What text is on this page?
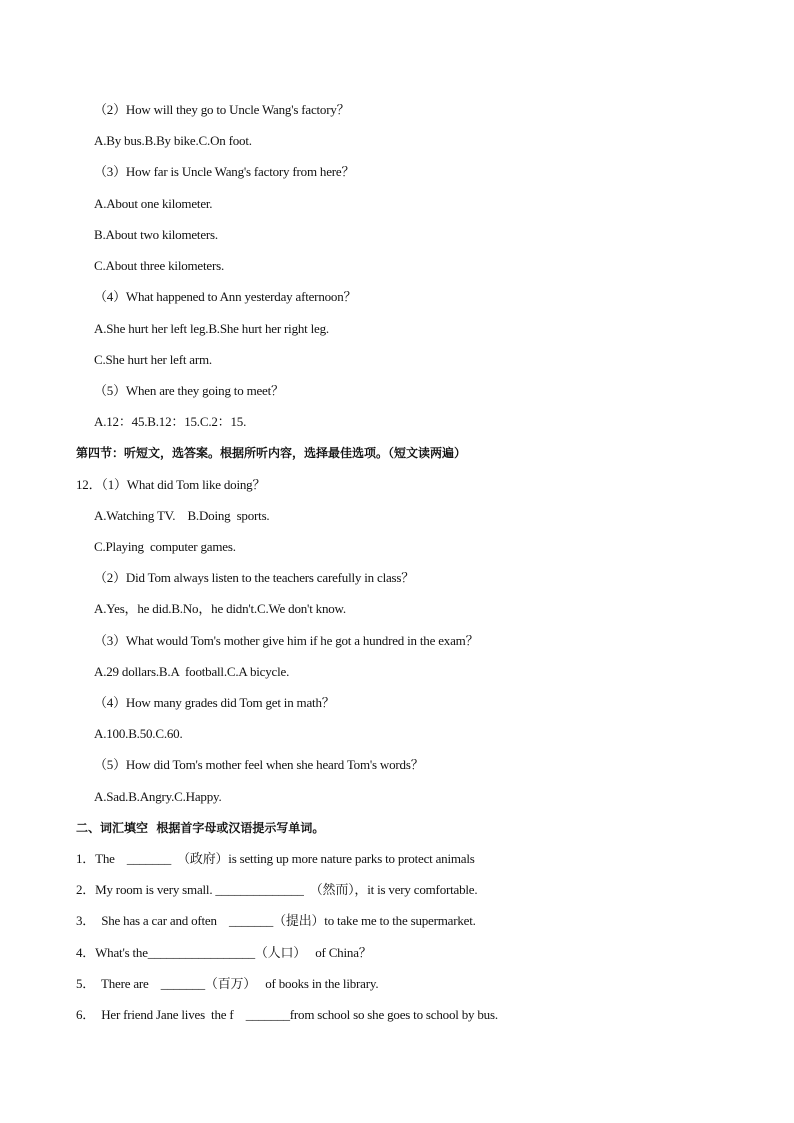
（2）How will they go to Uncle Wang's factory？
A.By bus.B.By bike.C.On foot.
（3）How far is Uncle Wang's factory from here？
A.About one kilometer.
B.About two kilometers.
C.About three kilometers.
（4）What happened to Ann yesterday afternoon？
A.She hurt her left leg.B.She hurt her right leg.
C.She hurt her left arm.
（5）When are they going to meet？
A.12：45.B.12：15.C.2：15.
第四节：听短文，选答案。根据所听内容，选择最佳选项。（短文读两遍）
12．（1）What did Tom like doing？
A.Watching TV.    B.Doing  sports.
C.Playing  computer games.
（2）Did Tom always listen to the teachers carefully in class？
A.Yes，he did.B.No，he didn't.C.We don't know.
（3）What would Tom's mother give him if he got a hundred in the exam？
A.29 dollars.B.A  football.C.A bicycle.
（4）How many grades did Tom get in math？
A.100.B.50.C.60.
（5）How did Tom's mother feel when she heard Tom's words？
A.Sad.B.Angry.C.Happy.
二、词汇填空  根据首字母或汉语提示写单词。
1．The    _______  （政府）is setting up more nature parks to protect animals
2．My room is very small. ______________  （然而），it is very comfortable.
3．  She has a car and often    _______（提出）to take me to the supermarket.
4．What's the_________________（人口）   of China？
5．  There are    _______（百万）   of books in the library.
6．  Her friend Jane lives  the f    _______from school so she goes to school by bus.
